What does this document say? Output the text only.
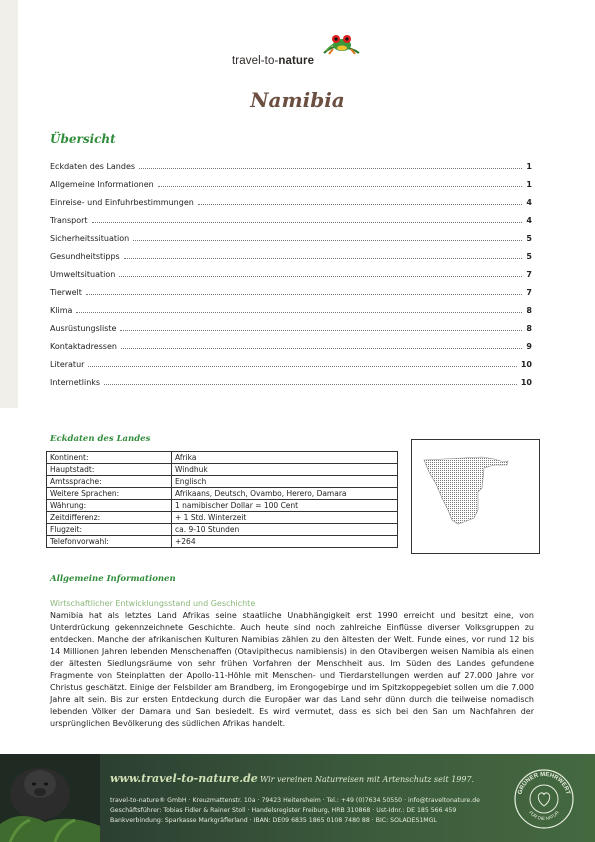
travel-to-nature
Namibia
Übersicht
Eckdaten des Landes	1
Allgemeine Informationen	1
Einreise- und Einfuhrbestimmungen	4
Transport	4
Sicherheitssituation	5
Gesundheitstipps	5
Umweltsituation	7
Tierwelt	7
Klima	8
Ausrüstungsliste	8
Kontaktadressen	9
Literatur	10
Internetlinks	10
Eckdaten des Landes
Kontinent:	Afrika
Hauptstadt:	Windhuk
Amtssprache:	Englisch
Weitere Sprachen:	Afrikaans, Deutsch, Ovambo, Herero, Damara
Währung:	1 namibischer Dollar = 100 Cent
Zeitdifferenz:	+ 1 Std. Winterzeit
Flugzeit:	ca. 9-10 Stunden
Telefonvorwahl:	+264
Allgemeine Informationen
Wirtschaftlicher Entwicklungsstand und Geschichte
Namibia hat als letztes Land Afrikas seine staatliche Unabhängigkeit erst 1990 erreicht und besitzt eine, von Unterdrückung gekennzeichnete Geschichte. Auch heute sind noch zahlreiche Einflüsse diverser Volksgruppen zu entdecken. Manche der afrikanischen Kulturen Namibias zählen zu den ältesten der Welt. Funde eines, vor rund 12 bis 14 Millionen Jahren lebenden Menschenaffen (Otavipithecus namibiensis) in den Otavibergen weisen Namibia als einen der ältesten Siedlungsräume von sehr frühen Vorfahren der Menschheit aus. Im Süden des Landes gefundene Fragmente von Steinplatten der Apollo-11-Höhle mit Menschen- und Tierdarstellungen werden auf 27.000 Jahre vor Christus geschätzt. Einige der Felsbilder am Brandberg, im Erongogebirge und im Spitzkoppegebiet sollen um die 7.000 Jahre alt sein. Bis zur ersten Entdeckung durch die Europäer war das Land sehr dünn durch die teilweise nomadisch lebenden Völker der Damara und San besiedelt. Es wird vermutet, dass es sich bei den San um Nachfahren der ursprünglichen Bevölkerung des südlichen Afrikas handelt.
www.travel-to-nature.de Wir vereinen Naturreisen mit Artenschutz seit 1997.
travel-to-nature® GmbH · Kreuzmattenstr. 10a · 79423 Heitersheim · Tel.: +49 (0)7634 50550 · info@traveltonature.de
Geschäftsführer: Tobias Fidler & Rainer Stoll · Handelsregister Freiburg, HRB 310868 · Ust-Idnr.: DE 185 566 459
Bankverbindung: Sparkasse Markgräflerland · IBAN: DE09 6835 1865 0108 7480 88 · BIC: SOLADES1MGL
GRÜNER MEHRWERT
FÜR DIE NATUR
